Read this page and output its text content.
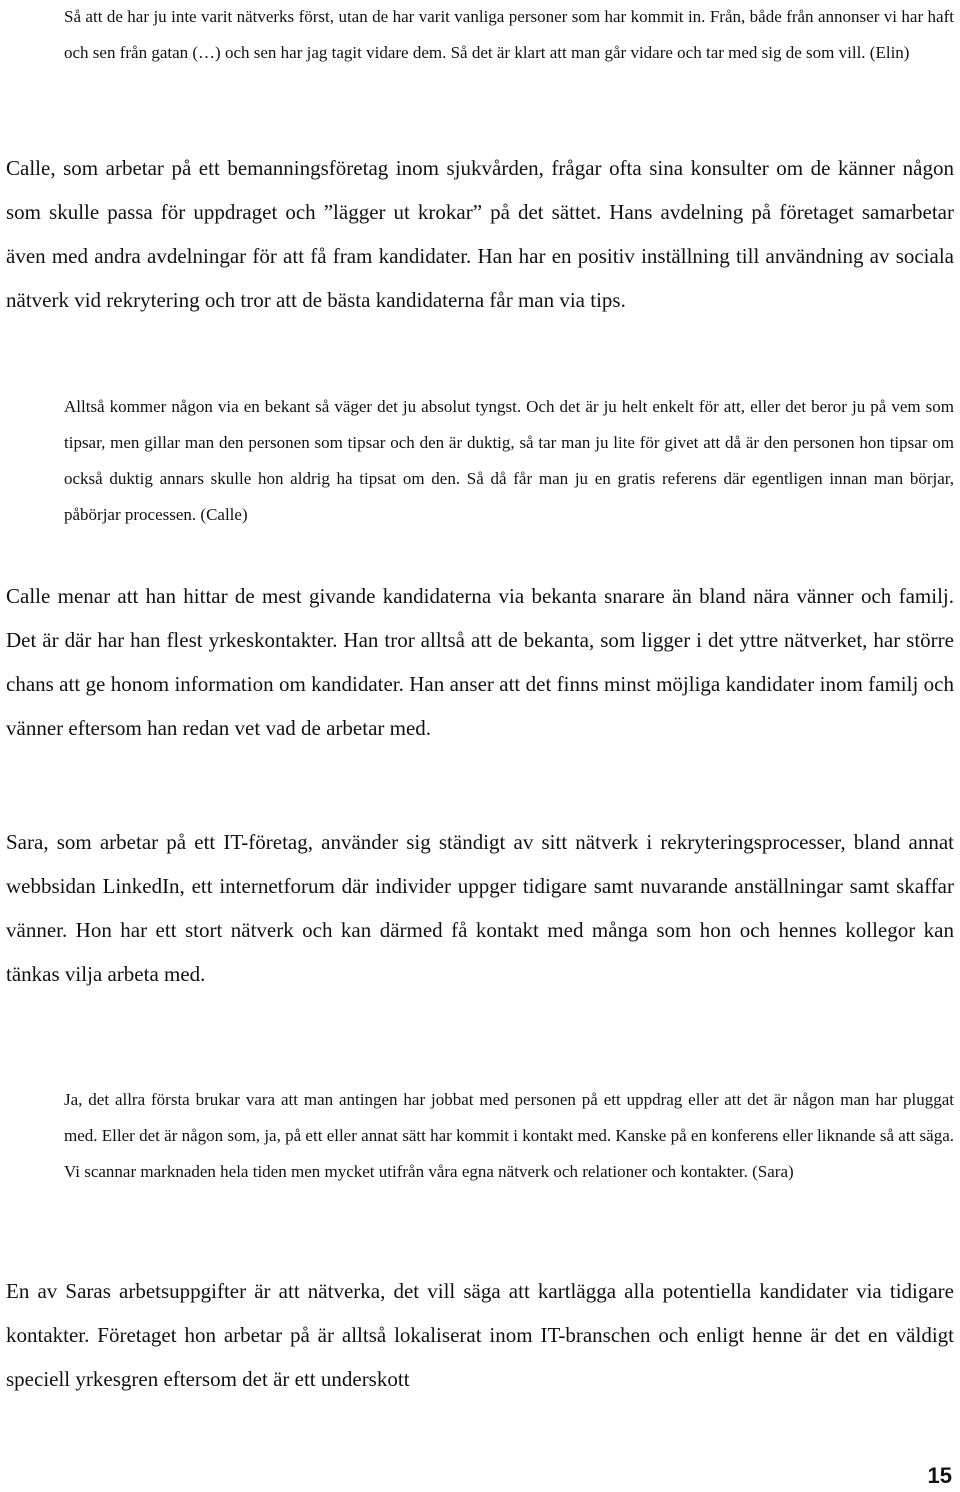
Så att de har ju inte varit nätverks först, utan de har varit vanliga personer som har kommit in. Från, både från annonser vi har haft och sen från gatan (…) och sen har jag tagit vidare dem. Så det är klart att man går vidare och tar med sig de som vill. (Elin)

Calle, som arbetar på ett bemanningsföretag inom sjukvården, frågar ofta sina konsulter om de känner någon som skulle passa för uppdraget och ”lägger ut krokar” på det sättet. Hans avdelning på företaget samarbetar även med andra avdelningar för att få fram kandidater. Han har en positiv inställning till användning av sociala nätverk vid rekrytering och tror att de bästa kandidaterna får man via tips.

Alltså kommer någon via en bekant så väger det ju absolut tyngst. Och det är ju helt enkelt för att, eller det beror ju på vem som tipsar, men gillar man den personen som tipsar och den är duktig, så tar man ju lite för givet att då är den personen hon tipsar om också duktig annars skulle hon aldrig ha tipsat om den. Så då får man ju en gratis referens där egentligen innan man börjar, påbörjar processen. (Calle)

Calle menar att han hittar de mest givande kandidaterna via bekanta snarare än bland nära vänner och familj. Det är där har han flest yrkeskontakter. Han tror alltså att de bekanta, som ligger i det yttre nätverket, har större chans att ge honom information om kandidater. Han anser att det finns minst möjliga kandidater inom familj och vänner eftersom han redan vet vad de arbetar med.

Sara, som arbetar på ett IT-företag, använder sig ständigt av sitt nätverk i rekryteringsprocesser, bland annat webbsidan LinkedIn, ett internetforum där individer uppger tidigare samt nuvarande anställningar samt skaffar vänner. Hon har ett stort nätverk och kan därmed få kontakt med många som hon och hennes kollegor kan tänkas vilja arbeta med.

Ja, det allra första brukar vara att man antingen har jobbat med personen på ett uppdrag eller att det är någon man har pluggat med. Eller det är någon som, ja, på ett eller annat sätt har kommit i kontakt med. Kanske på en konferens eller liknande så att säga. Vi scannar marknaden hela tiden men mycket utifrån våra egna nätverk och relationer och kontakter. (Sara)

En av Saras arbetsuppgifter är att nätverka, det vill säga att kartlägga alla potentiella kandidater via tidigare kontakter. Företaget hon arbetar på är alltså lokaliserat inom IT-branschen och enligt henne är det en väldigt speciell yrkesgren eftersom det är ett underskott

15
